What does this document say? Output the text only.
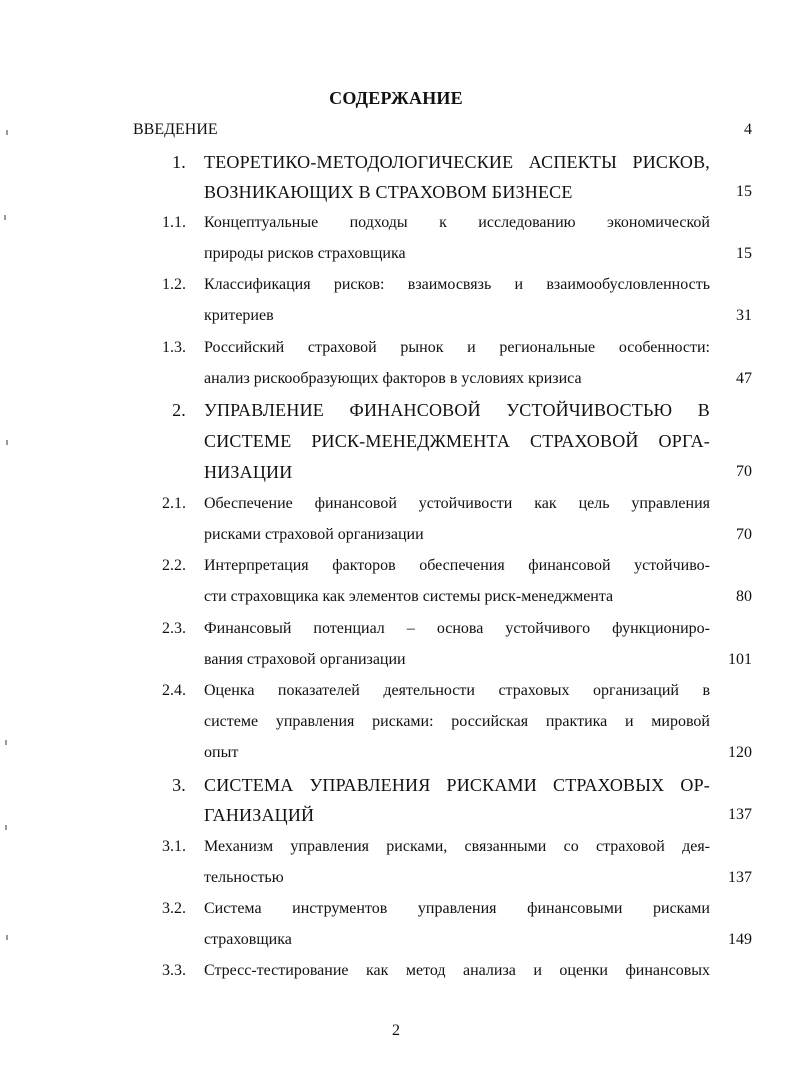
СОДЕРЖАНИЕ
ВВЕДЕНИЕ	4
1. ТЕОРЕТИКО-МЕТОДОЛОГИЧЕСКИЕ АСПЕКТЫ РИСКОВ,
ВОЗНИКАЮЩИХ В СТРАХОВОМ БИЗНЕСЕ	15
1.1. Концептуальные подходы к исследованию экономической
природы рисков страховщика	15
1.2. Классификация рисков: взаимосвязь и взаимообусловленность
критериев	31
1.3. Российский страховой рынок и региональные особенности:
анализ рискообразующих факторов в условиях кризиса	47
2. УПРАВЛЕНИЕ ФИНАНСОВОЙ УСТОЙЧИВОСТЬЮ В
СИСТЕМЕ РИСК-МЕНЕДЖМЕНТА СТРАХОВОЙ ОРГА-
НИЗАЦИИ	70
2.1. Обеспечение финансовой устойчивости как цель управления
рисками страховой организации	70
2.2. Интерпретация факторов обеспечения финансовой устойчиво-
сти страховщика как элементов системы риск-менеджмента	80
2.3. Финансовый потенциал – основа устойчивого функциониро-
вания страховой организации	101
2.4. Оценка показателей деятельности страховых организаций в
системе управления рисками: российская практика и мировой
опыт	120
3. СИСТЕМА УПРАВЛЕНИЯ РИСКАМИ СТРАХОВЫХ ОР-
ГАНИЗАЦИЙ	137
3.1. Механизм управления рисками, связанными со страховой дея-
тельностью	137
3.2. Система инструментов управления финансовыми рисками
страховщика	149
3.3. Стресс-тестирование как метод анализа и оценки финансовых
2
